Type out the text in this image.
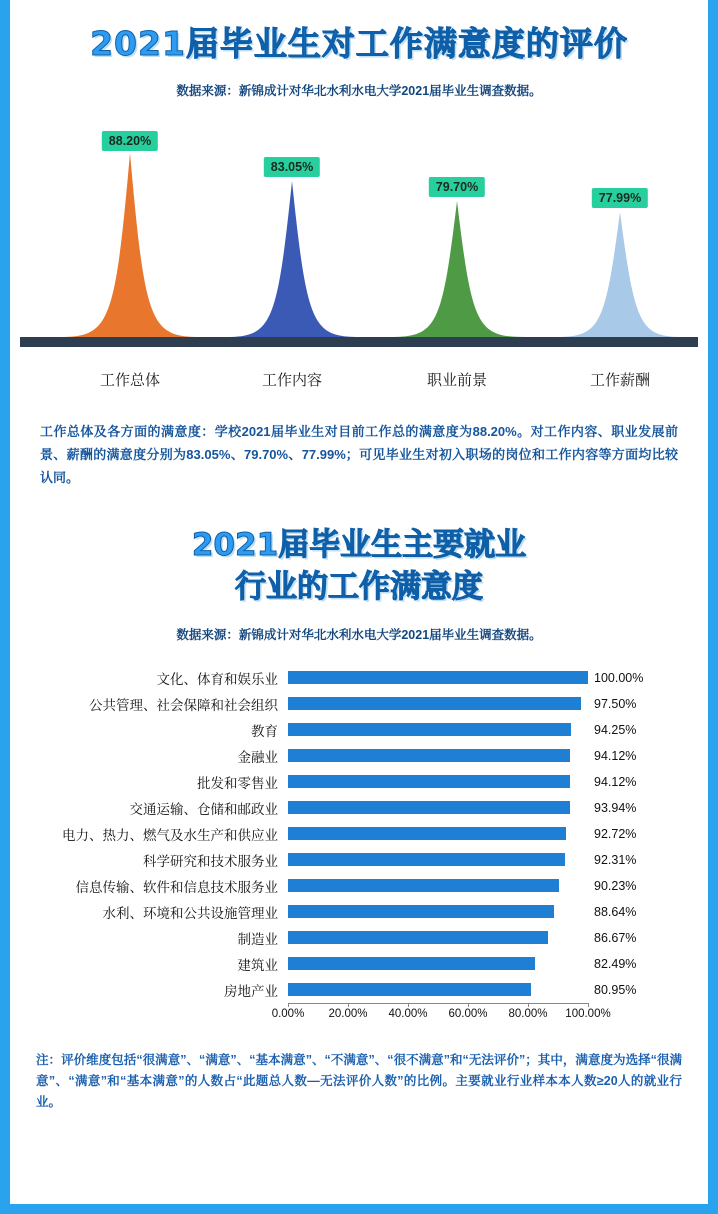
2021届毕业生对工作满意度的评价
数据来源：新锦成计对华北水利水电大学2021届毕业生调查数据。
88.20%
83.05%
79.70%
77.99%
工作总体	工作内容	职业前景	工作薪酬

工作总体及各方面的满意度：学校2021届毕业生对目前工作总的满意度为88.20%。对工作内容、职业发展前景、薪酬的满意度分别为83.05%、79.70%、77.99%；可见毕业生对初入职场的岗位和工作内容等方面均比较认同。

2021届毕业生主要就业
行业的工作满意度
数据来源：新锦成计对华北水利水电大学2021届毕业生调查数据。
文化、体育和娱乐业	100.00%
公共管理、社会保障和社会组织	97.50%
教育	94.25%
金融业	94.12%
批发和零售业	94.12%
交通运输、仓储和邮政业	93.94%
电力、热力、燃气及水生产和供应业	92.72%
科学研究和技术服务业	92.31%
信息传输、软件和信息技术服务业	90.23%
水利、环境和公共设施管理业	88.64%
制造业	86.67%
建筑业	82.49%
房地产业	80.95%
0.00% 20.00% 40.00% 60.00% 80.00% 100.00%

注：评价维度包括“很满意”、“满意”、“基本满意”、“不满意”、“很不满意”和“无法评价”；其中，满意度为选择“很满意”、“满意”和“基本满意”的人数占“此题总人数—无法评价人数”的比例。主要就业行业样本本人数≥20人的就业行业。
